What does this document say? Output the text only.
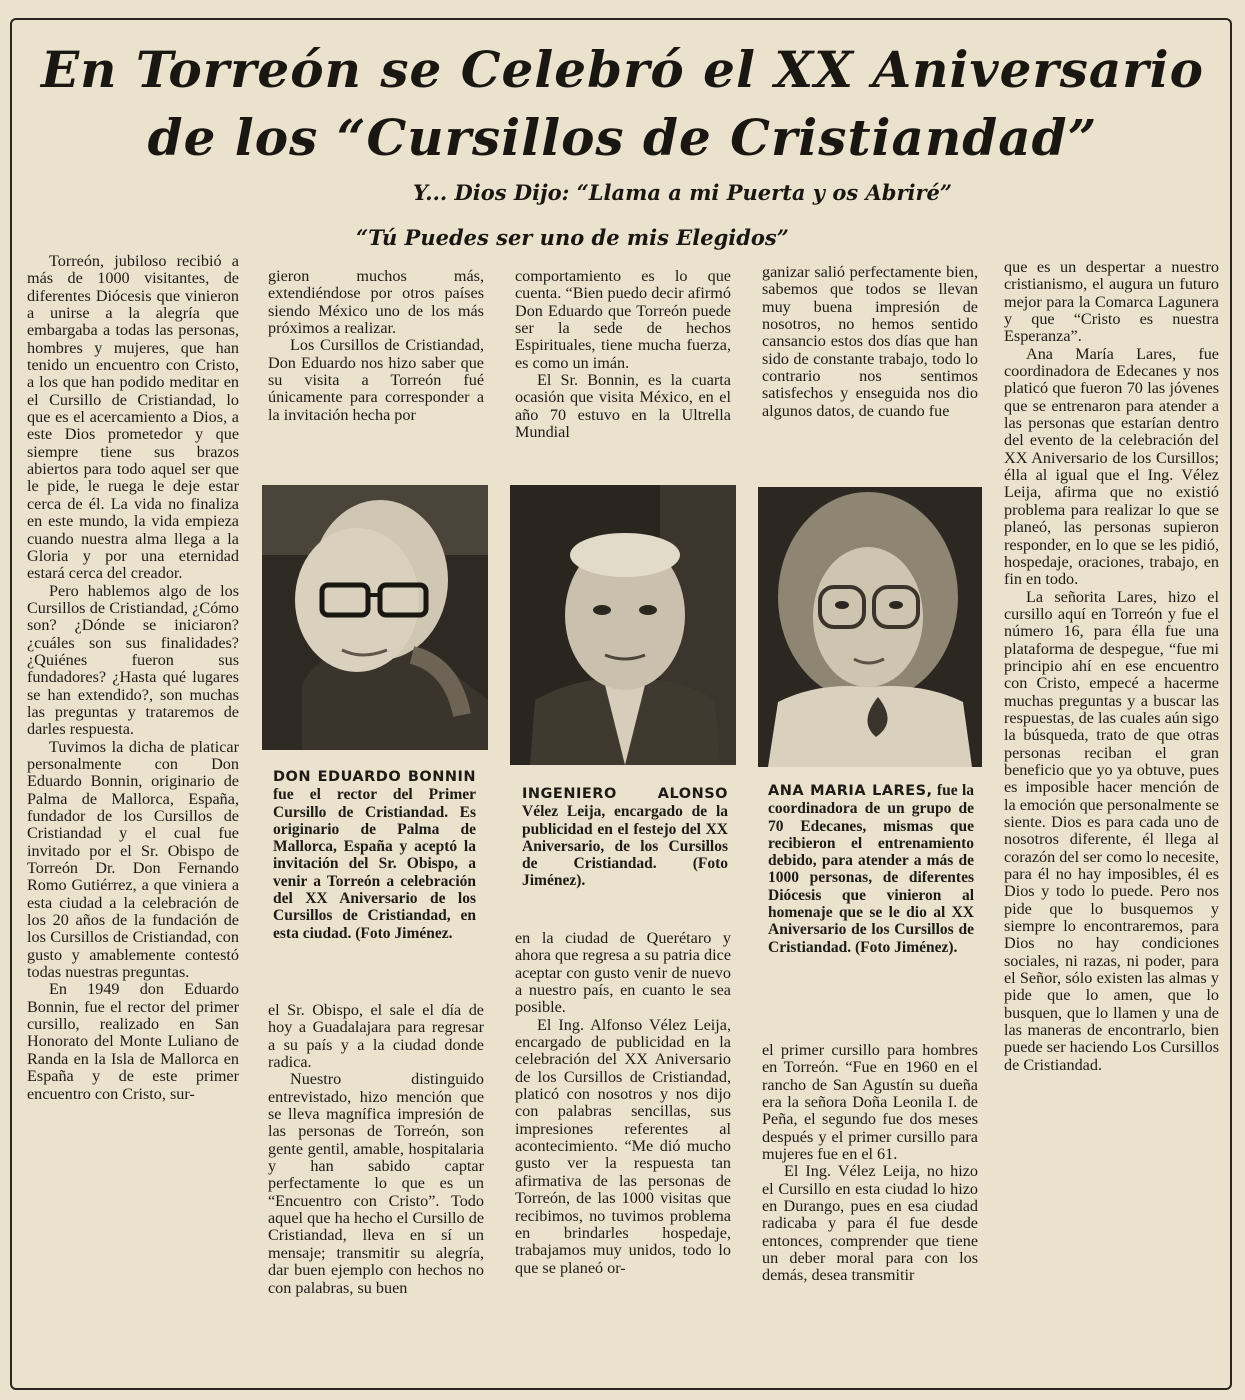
En Torreón se Celebró el XX Aniversario
de los “Cursillos de Cristiandad”
Y... Dios Dijo: “Llama a mi Puerta y os Abriré”
“Tú Puedes ser uno de mis Elegidos”

Torreón, jubiloso recibió a más de 1000 visitantes, de diferentes Diócesis que vinieron a unirse a la alegría que embargaba a todas las personas, hombres y mujeres, que han tenido un encuentro con Cristo, a los que han podido meditar en el Cursillo de Cristiandad, lo que es el acercamiento a Dios, a este Dios prometedor y que siempre tiene sus brazos abiertos para todo aquel ser que le pide, le ruega le deje estar cerca de él. La vida no finaliza en este mundo, la vida empieza cuando nuestra alma llega a la Gloria y por una eternidad estará cerca del creador.

Pero hablemos algo de los Cursillos de Cristiandad, ¿Cómo son? ¿Dónde se iniciaron? ¿cuáles son sus finalidades? ¿Quiénes fueron sus fundadores? ¿Hasta qué lugares se han extendido?, son muchas las preguntas y trataremos de darles respuesta.

Tuvimos la dicha de platicar personalmente con Don Eduardo Bonnin, originario de Palma de Mallorca, España, fundador de los Cursillos de Cristiandad y el cual fue invitado por el Sr. Obispo de Torreón Dr. Don Fernando Romo Gutiérrez, a que viniera a esta ciudad a la celebración de los 20 años de la fundación de los Cursillos de Cristiandad, con gusto y amablemente contestó todas nuestras preguntas.

En 1949 don Eduardo Bonnin, fue el rector del primer cursillo, realizado en San Honorato del Monte Luliano de Randa en la Isla de Mallorca en España y de este primer encuentro con Cristo, sur-

gieron muchos más, extendiéndose por otros países siendo México uno de los más próximos a realizar.

Los Cursillos de Cristiandad, Don Eduardo nos hizo saber que su visita a Torreón fué únicamente para corresponder a la invitación hecha por

comportamiento es lo que cuenta. “Bien puedo decir afirmó Don Eduardo que Torreón puede ser la sede de hechos Espirituales, tiene mucha fuerza, es como un imán.

El Sr. Bonnin, es la cuarta ocasión que visita México, en el año 70 estuvo en la Ultrella Mundial

ganizar salió perfectamente bien, sabemos que todos se llevan muy buena impresión de nosotros, no hemos sentido cansancio estos dos días que han sido de constante trabajo, todo lo contrario nos sentimos satisfechos y enseguida nos dio algunos datos, de cuando fue

DON EDUARDO BONNIN fue el rector del Primer Cursillo de Cristiandad. Es originario de Palma de Mallorca, España y aceptó la invitación del Sr. Obispo, a venir a Torreón a celebración del XX Aniversario de los Cursillos de Cristiandad, en esta ciudad. (Foto Jiménez.
INGENIERO ALONSO Vélez Leija, encargado de la publicidad en el festejo del XX Aniversario, de los Cursillos de Cristiandad. (Foto Jiménez).
ANA MARIA LARES, fue la coordinadora de un grupo de 70 Edecanes, mismas que recibieron el entrenamiento debido, para atender a más de 1000 personas, de diferentes Diócesis que vinieron al homenaje que se le dio al XX Aniversario de los Cursillos de Cristiandad. (Foto Jiménez).

el Sr. Obispo, el sale el día de hoy a Guadalajara para regresar a su país y a la ciudad donde radica.

Nuestro distinguido entrevistado, hizo mención que se lleva magnífica impresión de las personas de Torreón, son gente gentil, amable, hospitalaria y han sabido captar perfectamente lo que es un “Encuentro con Cristo”. Todo aquel que ha hecho el Cursillo de Cristiandad, lleva en sí un mensaje; transmitir su alegría, dar buen ejemplo con hechos no con palabras, su buen

en la ciudad de Querétaro y ahora que regresa a su patria dice aceptar con gusto venir de nuevo a nuestro país, en cuanto le sea posible.

El Ing. Alfonso Vélez Leija, encargado de publicidad en la celebración del XX Aniversario de los Cursillos de Cristiandad, platicó con nosotros y nos dijo con palabras sencillas, sus impresiones referentes al acontecimiento. “Me dió mucho gusto ver la respuesta tan afirmativa de las personas de Torreón, de las 1000 visitas que recibimos, no tuvimos problema en brindarles hospedaje, trabajamos muy unidos, todo lo que se planeó or-

el primer cursillo para hombres en Torreón. “Fue en 1960 en el rancho de San Agustín su dueña era la señora Doña Leonila I. de Peña, el segundo fue dos meses después y el primer cursillo para mujeres fue en el 61.

El Ing. Vélez Leija, no hizo el Cursillo en esta ciudad lo hizo en Durango, pues en esa ciudad radicaba y para él fue desde entonces, comprender que tiene un deber moral para con los demás, desea transmitir

que es un despertar a nuestro cristianismo, el augura un futuro mejor para la Comarca Lagunera y que “Cristo es nuestra Esperanza”.

Ana María Lares, fue coordinadora de Edecanes y nos platicó que fueron 70 las jóvenes que se entrenaron para atender a las personas que estarían dentro del evento de la celebración del XX Aniversario de los Cursillos; élla al igual que el Ing. Vélez Leija, afirma que no existió problema para realizar lo que se planeó, las personas supieron responder, en lo que se les pidió, hospedaje, oraciones, trabajo, en fin en todo.

La señorita Lares, hizo el cursillo aquí en Torreón y fue el número 16, para élla fue una plataforma de despegue, “fue mi principio ahí en ese encuentro con Cristo, empecé a hacerme muchas preguntas y a buscar las respuestas, de las cuales aún sigo la búsqueda, trato de que otras personas reciban el gran beneficio que yo ya obtuve, pues es imposible hacer mención de la emoción que personalmente se siente. Dios es para cada uno de nosotros diferente, él llega al corazón del ser como lo necesite, para él no hay imposibles, él es Dios y todo lo puede. Pero nos pide que lo busquemos y siempre lo encontraremos, para Dios no hay condiciones sociales, ni razas, ni poder, para el Señor, sólo existen las almas y pide que lo amen, que lo busquen, que lo llamen y una de las maneras de encontrarlo, bien puede ser haciendo Los Cursillos de Cristiandad.
